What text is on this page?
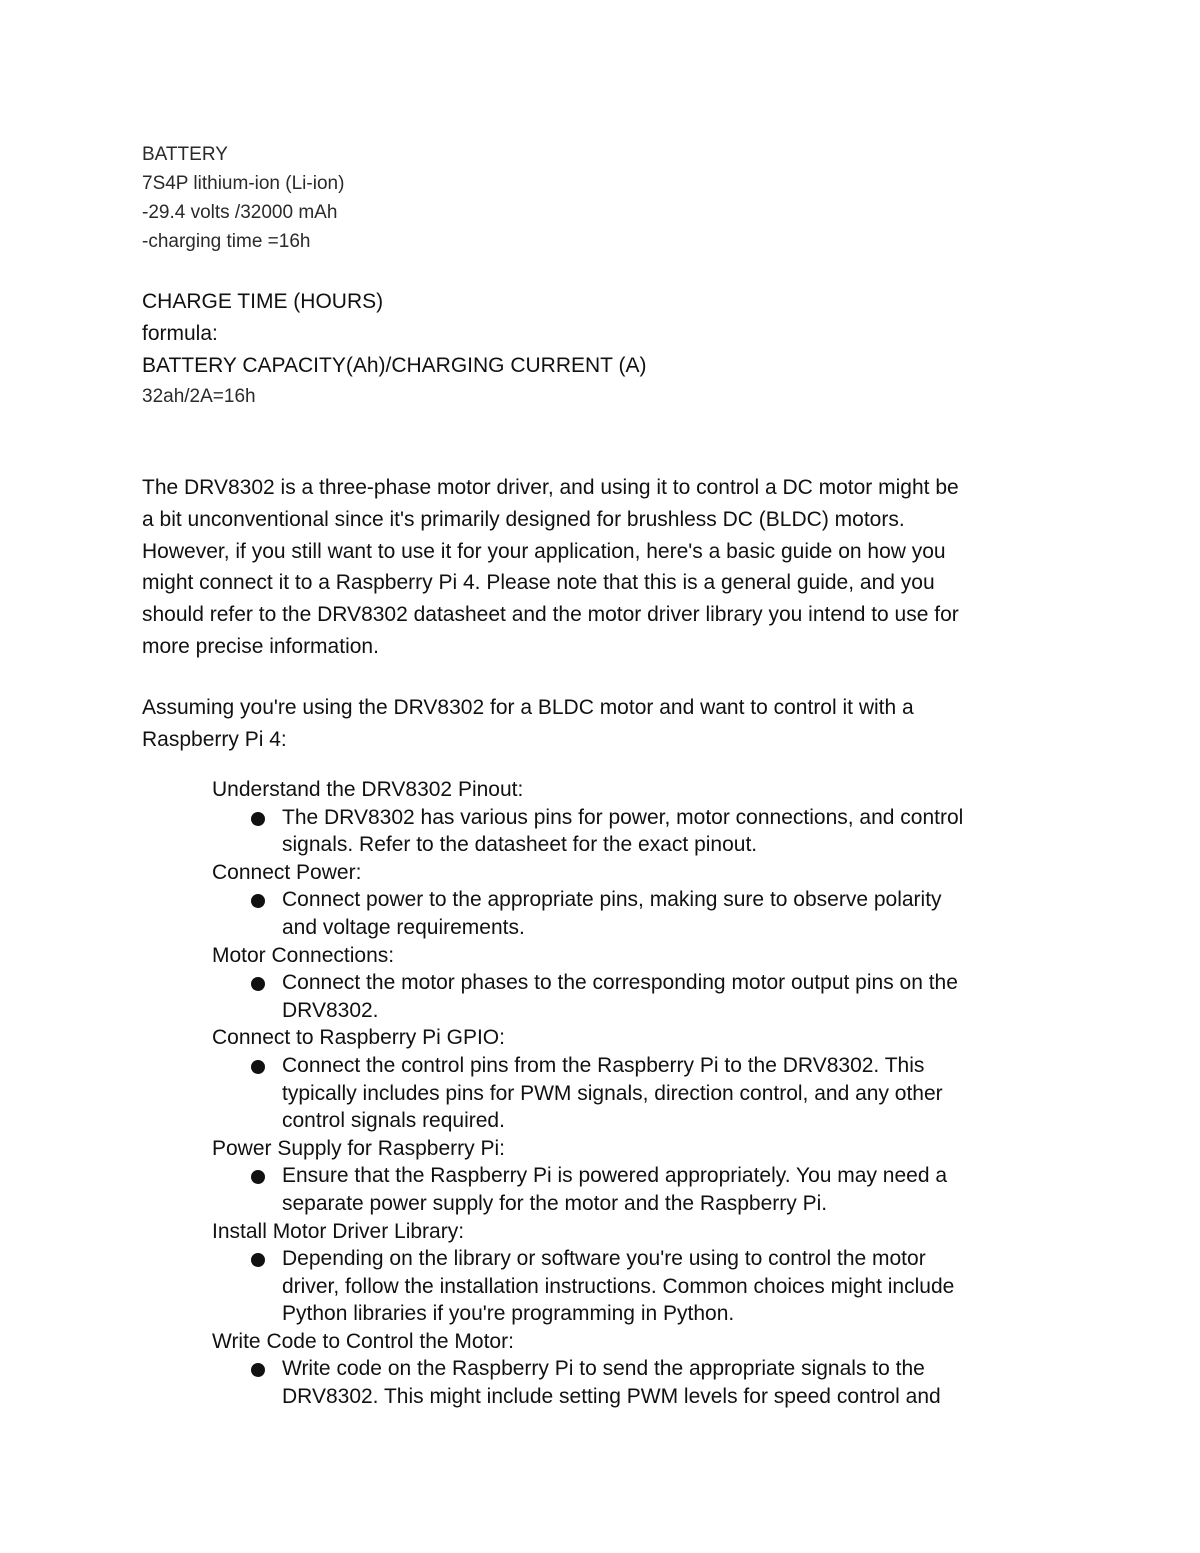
BATTERY
7S4P lithium-ion (Li-ion)
-29.4 volts /32000 mAh
-charging time =16h
CHARGE TIME (HOURS)
formula:
BATTERY CAPACITY(Ah)/CHARGING CURRENT (A)
32ah/2A=16h
The DRV8302 is a three-phase motor driver, and using it to control a DC motor might be
a bit unconventional since it's primarily designed for brushless DC (BLDC) motors.
However, if you still want to use it for your application, here's a basic guide on how you
might connect it to a Raspberry Pi 4. Please note that this is a general guide, and you
should refer to the DRV8302 datasheet and the motor driver library you intend to use for
more precise information.
Assuming you're using the DRV8302 for a BLDC motor and want to control it with a
Raspberry Pi 4:
Understand the DRV8302 Pinout:
The DRV8302 has various pins for power, motor connections, and control
signals. Refer to the datasheet for the exact pinout.
Connect Power:
Connect power to the appropriate pins, making sure to observe polarity
and voltage requirements.
Motor Connections:
Connect the motor phases to the corresponding motor output pins on the
DRV8302.
Connect to Raspberry Pi GPIO:
Connect the control pins from the Raspberry Pi to the DRV8302. This
typically includes pins for PWM signals, direction control, and any other
control signals required.
Power Supply for Raspberry Pi:
Ensure that the Raspberry Pi is powered appropriately. You may need a
separate power supply for the motor and the Raspberry Pi.
Install Motor Driver Library:
Depending on the library or software you're using to control the motor
driver, follow the installation instructions. Common choices might include
Python libraries if you're programming in Python.
Write Code to Control the Motor:
Write code on the Raspberry Pi to send the appropriate signals to the
DRV8302. This might include setting PWM levels for speed control and
